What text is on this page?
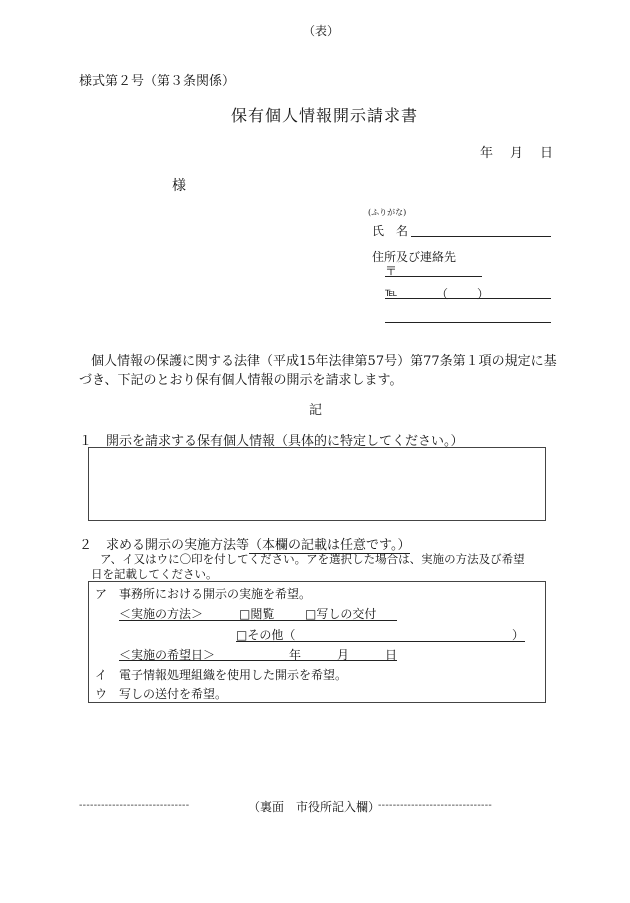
（表）
様式第２号（第３条関係）
保有個人情報開示請求書
年　月　日
様
(ふりがな)
氏　名
住所及び連絡先
〒
℡	（ ）
個人情報の保護に関する法律（平成15年法律第57号）第77条第１項の規定に基
づき、下記のとおり保有個人情報の開示を請求します。
記
１ 開示を請求する保有個人情報（具体的に特定してください。）
２ 求める開示の実施方法等（本欄の記載は任意です。）
ア、イ又はウに〇印を付してください。アを選択した場合は、実施の方法及び希望
日を記載してください。
ア 事務所における開示の実施を希望。
＜実施の方法＞	□閲覧	□写しの交付
□その他（	）
＜実施の希望日＞	年	月	日
イ 電子情報処理組織を使用した開示を希望。
ウ 写しの送付を希望。
------------------------------	（裏面　市役所記入欄）
-------------------------------
